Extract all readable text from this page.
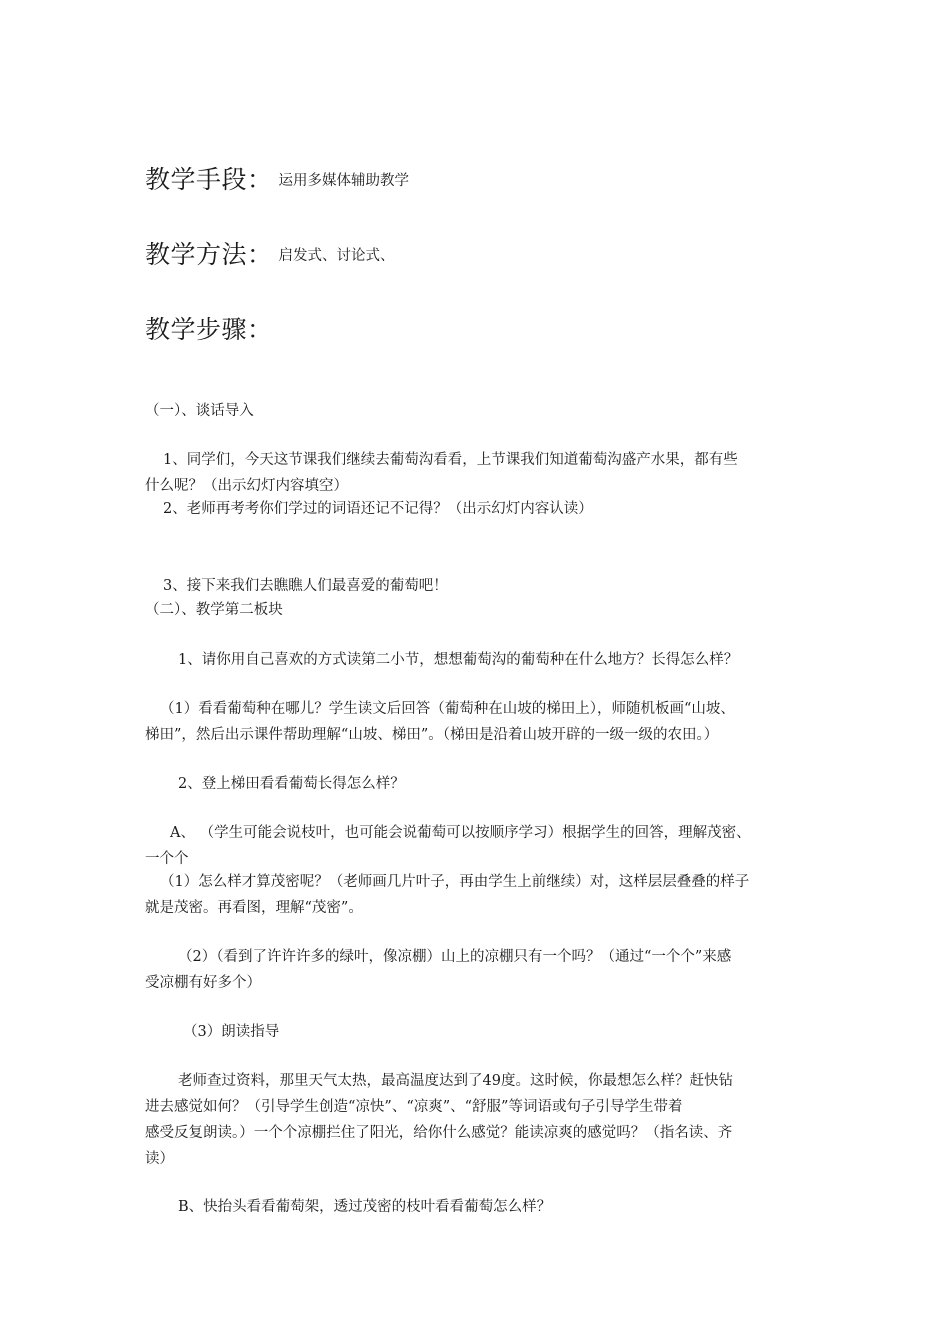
教学手段： 运用多媒体辅助教学
教学方法： 启发式、讨论式、
教学步骤：
（一）、谈话导入
1、同学们，今天这节课我们继续去葡萄沟看看，上节课我们知道葡萄沟盛产水果，都有些
什么呢？（出示幻灯内容填空）
2、老师再考考你们学过的词语还记不记得？（出示幻灯内容认读）
3、接下来我们去瞧瞧人们最喜爱的葡萄吧！
（二）、教学第二板块
1、请你用自己喜欢的方式读第二小节，想想葡萄沟的葡萄种在什么地方？长得怎么样？
（1）看看葡萄种在哪儿？学生读文后回答（葡萄种在山坡的梯田上），师随机板画“山坡、
梯田”，然后出示课件帮助理解“山坡、梯田”。（梯田是沿着山坡开辟的一级一级的农田。）
2、登上梯田看看葡萄长得怎么样？
A、 （学生可能会说枝叶，也可能会说葡萄可以按顺序学习）根据学生的回答，理解茂密、
一个个
（1）怎么样才算茂密呢？（老师画几片叶子，再由学生上前继续）对，这样层层叠叠的样子
就是茂密。再看图，理解“茂密”。
（2）（看到了许许许多的绿叶，像凉棚）山上的凉棚只有一个吗？（通过“一个个”来感
受凉棚有好多个）
（3）朗读指导
老师查过资料，那里天气太热，最高温度达到了49度。这时候，你最想怎么样？赶快钻
进去感觉如何？（引导学生创造“凉快”、“凉爽”、“舒服”等词语或句子引导学生带着
感受反复朗读。）一个个凉棚拦住了阳光，给你什么感觉？能读凉爽的感觉吗？（指名读、齐
读）
B、快抬头看看葡萄架，透过茂密的枝叶看看葡萄怎么样？
